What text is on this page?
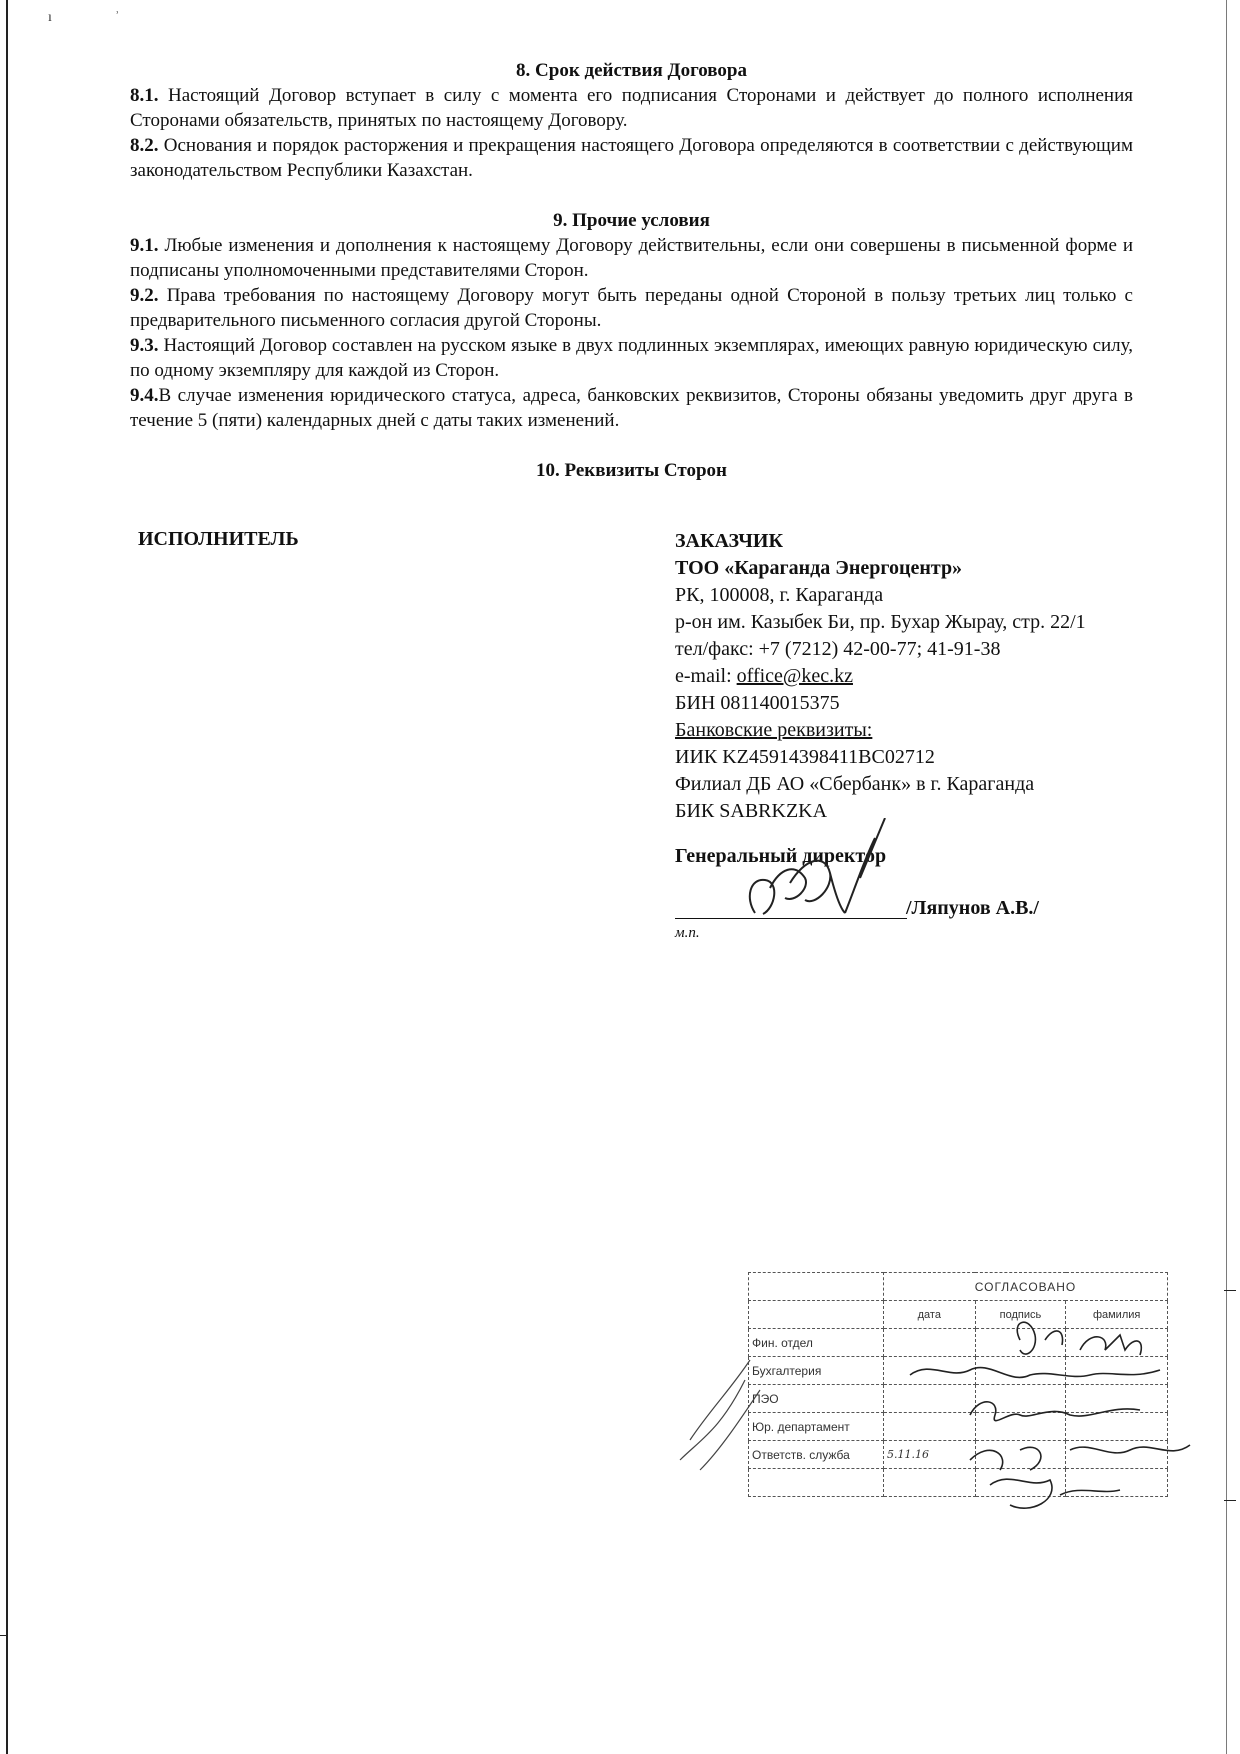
ı	ʾ

8. Срок действия Договора

8.1. Настоящий Договор вступает в силу с момента его подписания Сторонами и действует до полного исполнения Сторонами обязательств, принятых по настоящему Договору.

8.2. Основания и порядок расторжения и прекращения настоящего Договора определяются в соответствии с действующим законодательством Республики Казахстан.

9. Прочие условия

9.1. Любые изменения и дополнения к настоящему Договору действительны, если они совершены в письменной форме и подписаны уполномоченными представителями Сторон.

9.2. Права требования по настоящему Договору могут быть переданы одной Стороной в пользу третьих лиц только с предварительного письменного согласия другой Стороны.

9.3. Настоящий Договор составлен на русском языке в двух подлинных экземплярах, имеющих равную юридическую силу, по одному экземпляру для каждой из Сторон.

9.4.В случае изменения юридического статуса, адреса, банковских реквизитов, Стороны обязаны уведомить друг друга в течение 5 (пяти) календарных дней с даты таких изменений.

10. Реквизиты Сторон

ИСПОЛНИТЕЛЬ	ЗАКАЗЧИК
ТОО «Караганда Энергоцентр»
РК, 100008, г. Караганда
р-он им. Казыбек Би, пр. Бухар Жырау, стр. 22/1
тел/факс: +7 (7212) 42-00-77; 41-91-38
e-mail: office@kec.kz
БИН 081140015375
Банковские реквизиты:
ИИК KZ45914398411BC02712
Филиал ДБ АО «Сбербанк» в г. Караганда
БИК SABRKZKA
Генеральный директор
/Ляпунов А.В./
м.п.
	СОГЛАСОВАНО		
	дата	подпись	фамилия
Фин. отдел			
Бухгалтерия			
ПЭО			
Юр. департамент			
Ответств. служба	5.11.16		
